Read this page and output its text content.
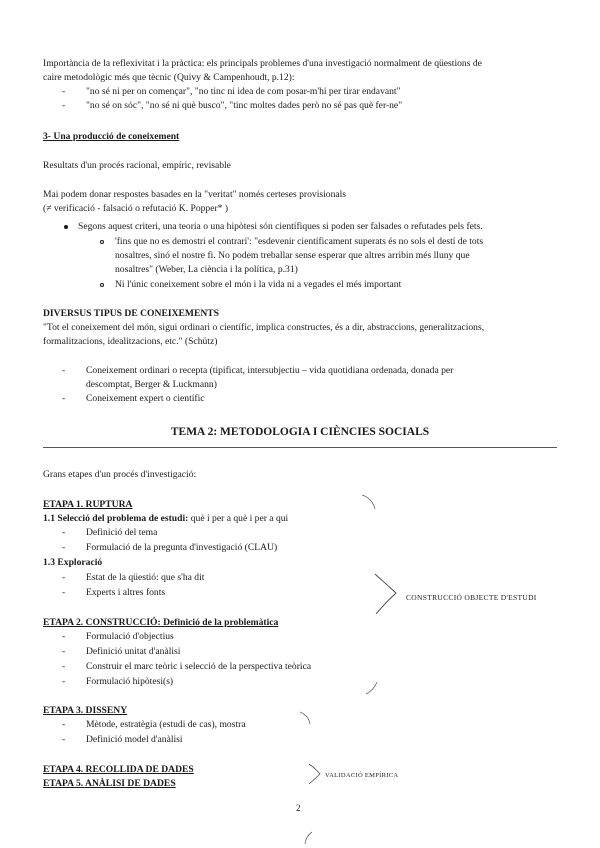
Importància de la reflexivitat i la pràctica: els principals problemes d'una investigació normalment de qüestions de
caire metodològic més que tècnic (Quivy & Campenhoudt, p.12):
- "no sé ni per on començar", "no tinc ni idea de com posar-m'hi per tirar endavant"
- "no sé on sóc", "no sé ni què busco", "tinc moltes dades però no sé pas què fer-ne"
3- Una producció de coneixement
Resultats d'un procés racional, empíric, revisable
Mai podem donar respostes basades en la "veritat" només certeses provisionals
(≠ verificació - falsació o refutació K. Popper* )
Segons aquest criteri, una teoria o una hipòtesi són científiques si poden ser falsades o refutades pels fets.
'fins que no es demostri el contrari': "esdevenir científicament superats és no sols el destí de tots
nosaltres, sinó el nostre fi. No podem treballar sense esperar que altres arribin més lluny que
nosaltres" (Weber, La ciència i la política, p.31)
Ni l'únic coneixement sobre el món i la vida ni a vegades el més important
DIVERSUS TIPUS DE CONEIXEMENTS
"Tot el coneixement del món, sigui ordinari o científic, implica constructes, és a dir, abstraccions, generalitzacions,
formalitzacions, idealitzacions, etc." (Schütz)
- Coneixement ordinari o recepta (tipificat, intersubjectiu – vida quotidiana ordenada, donada per
descomptat, Berger & Luckmann)
- Coneixement expert o científic
TEMA 2: METODOLOGIA I CIÈNCIES SOCIALS
Grans etapes d'un procés d'investigació:
ETAPA 1. RUPTURA
1.1 Selecció del problema de estudi: què i per a què i per a qui
- Definició del tema
- Formulació de la pregunta d'investigació (CLAU)
1.3 Exploració
- Estat de la qüestió: que s'ha dit
- Experts i altres fonts
ETAPA 2. CONSTRUCCIÓ: Definició de la problemàtica
- Formulació d'objectius
- Definició unitat d'anàlisi
- Construir el marc teòric i selecció de la perspectiva teòrica
- Formulació hipòtesi(s)
ETAPA 3. DISSENY
- Mètode, estratègia (estudi de cas), mostra
- Definició model d'anàlisi
ETAPA 4. RECOLLIDA DE DADES
ETAPA 5. ANÀLISI DE DADES
CONSTRUCCIÓ OBJECTE D'ESTUDI
VALIDACIÓ EMPÍRICA
2
